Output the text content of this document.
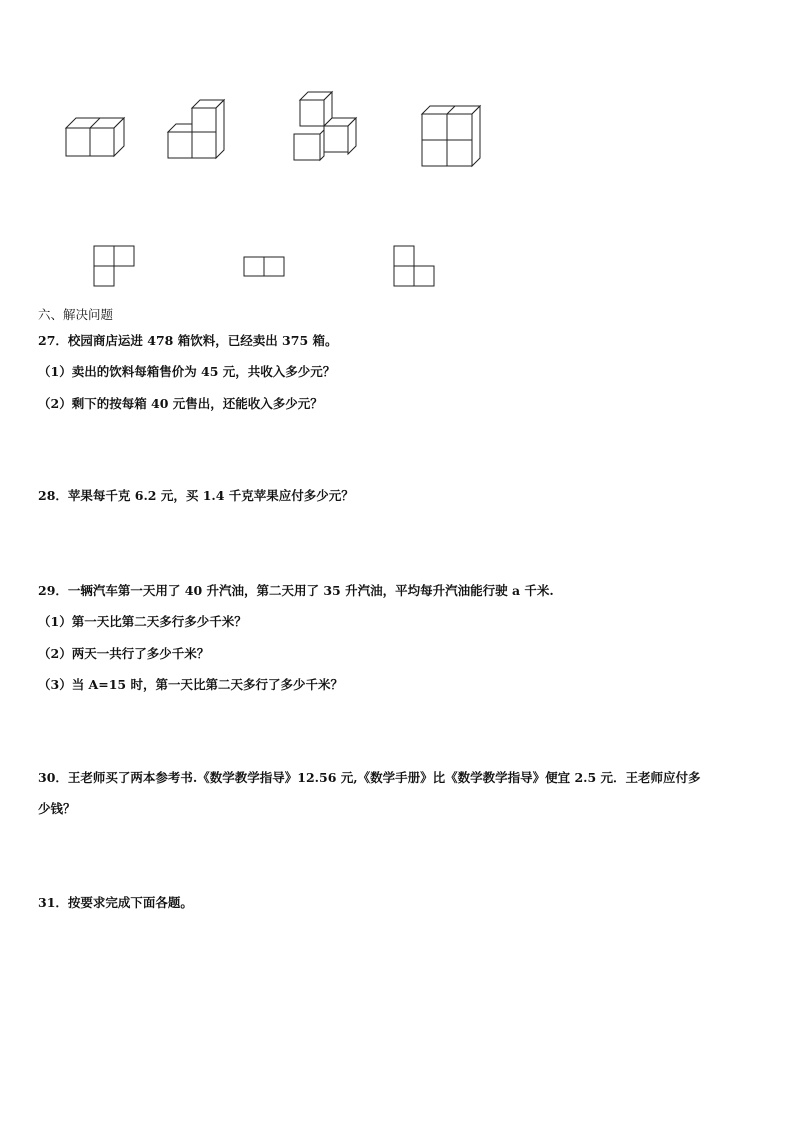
六、解决问题
27．校园商店运进 478 箱饮料，已经卖出 375 箱。
（1）卖出的饮料每箱售价为 45 元，共收入多少元？
（2）剩下的按每箱 40 元售出，还能收入多少元？
28．苹果每千克 6.2 元，买 1.4 千克苹果应付多少元？
29．一辆汽车第一天用了 40 升汽油，第二天用了 35 升汽油，平均每升汽油能行驶 a 千米.
（1）第一天比第二天多行多少千米？
（2）两天一共行了多少千米？
（3）当 A=15 时，第一天比第二天多行了多少千米？
30．王老师买了两本参考书.《数学教学指导》12.56 元,《数学手册》比《数学教学指导》便宜 2.5 元．王老师应付多
少钱？
31．按要求完成下面各题。
